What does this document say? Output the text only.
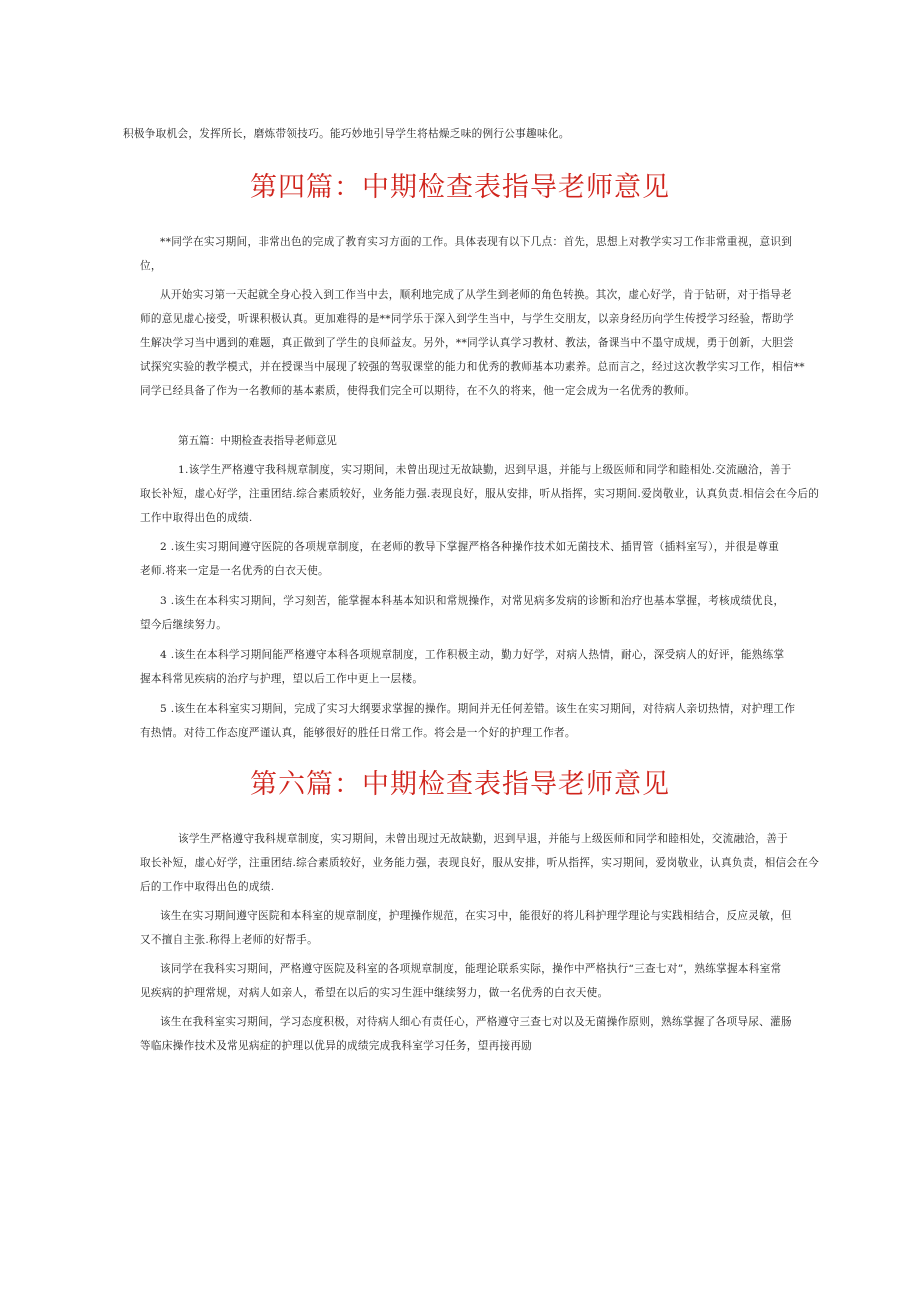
积极争取机会，发挥所长，磨炼带领技巧。能巧妙地引导学生将枯燥乏味的例行公事趣味化。

第四篇：中期检查表指导老师意见

**同学在实习期间，非常出色的完成了教育实习方面的工作。具体表现有以下几点：首先，思想上对教学实习工作非常重视，意识到

位，

从开始实习第一天起就全身心投入到工作当中去，顺利地完成了从学生到老师的角色转换。其次，虚心好学，肯于钻研，对于指导老

师的意见虚心接受，听课积极认真。更加难得的是**同学乐于深入到学生当中，与学生交朋友，以亲身经历向学生传授学习经验，帮助学

生解决学习当中遇到的难题，真正做到了学生的良师益友。另外，**同学认真学习教材、教法，备课当中不墨守成规，勇于创新，大胆尝

试探究实验的教学模式，并在授课当中展现了较强的驾驭课堂的能力和优秀的教师基本功素养。总而言之，经过这次教学实习工作，相信**

同学已经具备了作为一名教师的基本素质，使得我们完全可以期待，在不久的将来，他一定会成为一名优秀的教师。

第五篇：中期检查表指导老师意见

1.该学生严格遵守我科规章制度，实习期间，未曾出现过无故缺勤，迟到早退，并能与上级医师和同学和睦相处.交流融洽，善于

取长补短，虚心好学，注重团结.综合素质较好，业务能力强.表现良好，服从安排，听从指挥，实习期间.爱岗敬业，认真负责.相信会在今后的

工作中取得出色的成绩.

2 .该生实习期间遵守医院的各项规章制度，在老师的教导下掌握严格各种操作技术如无菌技术、插胃管（插料室写），并很是尊重

老师.将来一定是一名优秀的白衣天使。

3 .该生在本科实习期间，学习刻苦，能掌握本科基本知识和常规操作，对常见病多发病的诊断和治疗也基本掌握，考核成绩优良，

望今后继续努力。

4 .该生在本科学习期间能严格遵守本科各项规章制度，工作积极主动，勤力好学，对病人热情，耐心，深受病人的好评，能熟练掌

握本科常见疾病的治疗与护理，望以后工作中更上一层楼。

5 .该生在本科室实习期间，完成了实习大纲要求掌握的操作。期间并无任何差错。该生在实习期间，对待病人亲切热情，对护理工作

有热情。对待工作态度严谨认真，能够很好的胜任日常工作。将会是一个好的护理工作者。

第六篇：中期检查表指导老师意见

该学生严格遵守我科规章制度，实习期间，未曾出现过无故缺勤，迟到早退，并能与上级医师和同学和睦相处，交流融洽，善于

取长补短，虚心好学，注重团结.综合素质较好，业务能力强，表现良好，服从安排，听从指挥，实习期间，爱岗敬业，认真负责，相信会在今

后的工作中取得出色的成绩.

该生在实习期间遵守医院和本科室的规章制度，护理操作规范，在实习中，能很好的将儿科护理学理论与实践相结合，反应灵敏，但

又不擅自主张.称得上老师的好帮手。

该同学在我科实习期间，严格遵守医院及科室的各项规章制度，能理论联系实际，操作中严格执行“三查七对”，熟练掌握本科室常

见疾病的护理常规，对病人如亲人，希望在以后的实习生涯中继续努力，做一名优秀的白衣天使。

该生在我科室实习期间，学习态度积极，对待病人细心有责任心，严格遵守三查七对以及无菌操作原则，熟练掌握了各项导尿、灌肠

等临床操作技术及常见病症的护理以优异的成绩完成我科室学习任务，望再接再励
